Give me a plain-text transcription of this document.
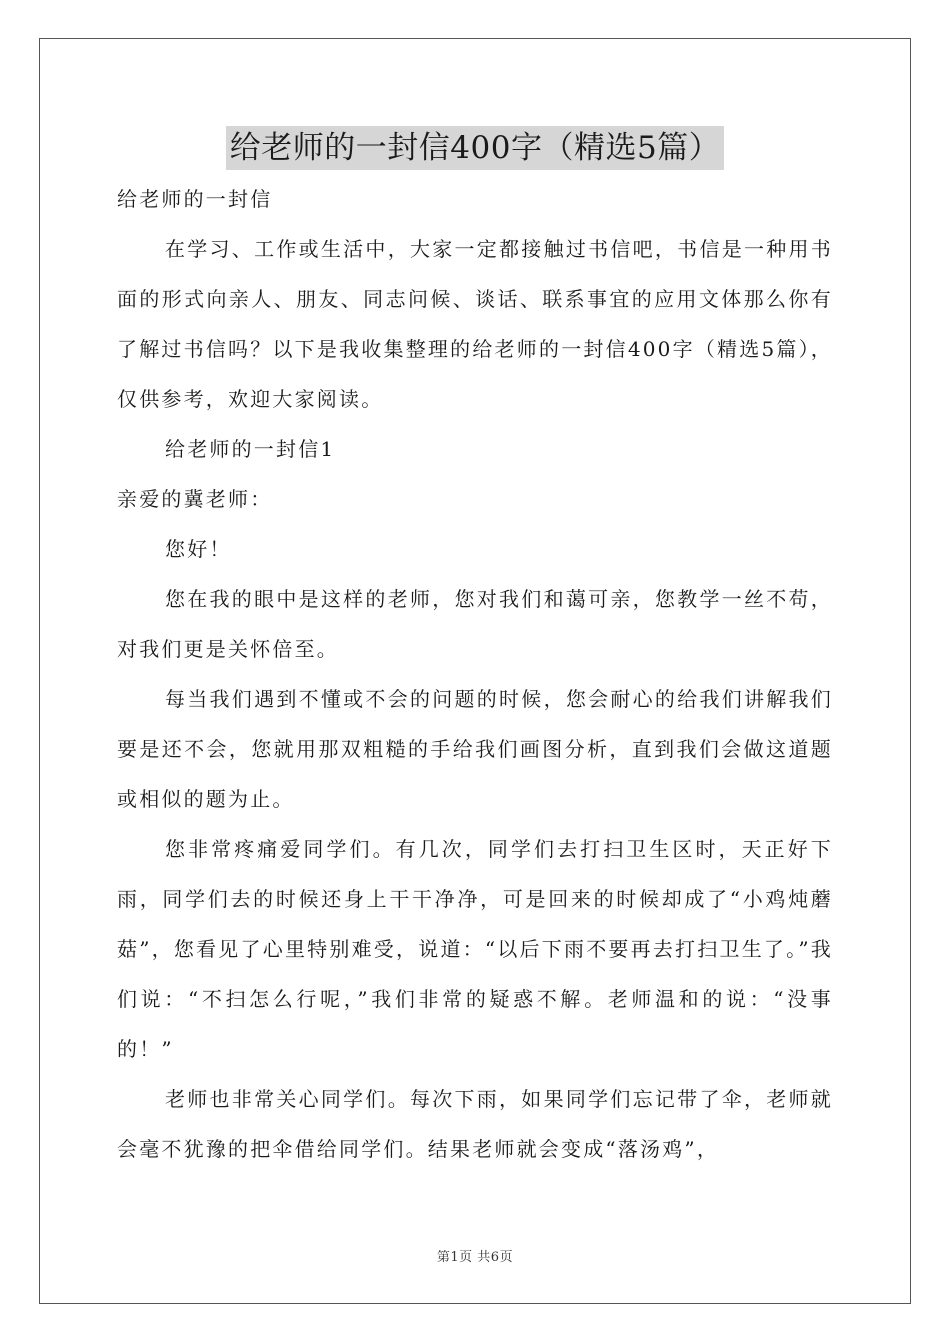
给老师的一封信400字（精选5篇）

给老师的一封信

在学习、工作或生活中，大家一定都接触过书信吧，书信是一种用书面的形式向亲人、朋友、同志问候、谈话、联系事宜的应用文体那么你有了解过书信吗？以下是我收集整理的给老师的一封信400字（精选5篇），仅供参考，欢迎大家阅读。

给老师的一封信1

亲爱的冀老师：

您好！

您在我的眼中是这样的老师，您对我们和蔼可亲，您教学一丝不苟，对我们更是关怀倍至。

每当我们遇到不懂或不会的问题的时候，您会耐心的给我们讲解我们要是还不会，您就用那双粗糙的手给我们画图分析，直到我们会做这道题或相似的题为止。

您非常疼痛爱同学们。有几次，同学们去打扫卫生区时，天正好下雨，同学们去的时候还身上干干净净，可是回来的时候却成了“小鸡炖蘑菇”，您看见了心里特别难受，说道：“以后下雨不要再去打扫卫生了。”我们说：“不扫怎么行呢，”我们非常的疑惑不解。老师温和的说：“没事的！”

老师也非常关心同学们。每次下雨，如果同学们忘记带了伞，老师就会毫不犹豫的把伞借给同学们。结果老师就会变成“落汤鸡”，

第1页 共6页
